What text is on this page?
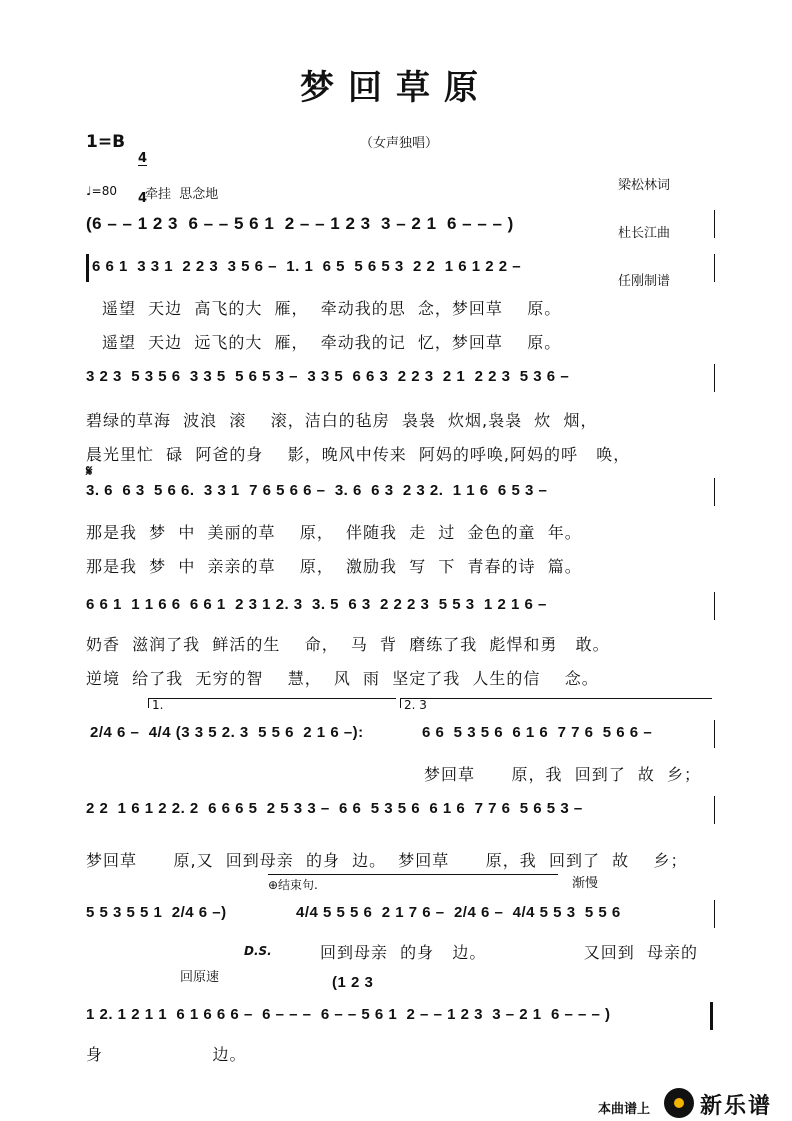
梦回草原
1=B

4

4

（女声独唱）

梁松林词

杜长江曲

任刚制谱

♩=80 牵挂  思念地
(6 – – 1 2 3  6 – – 5 6 1  2 – – 1 2 3  3 – 2 1  6 – – – )
6 6 1  3 3 1  2 2 3  3 5 6 –  1. 1  6 5  5 6 5 3  2 2  1 6 1 2 2 –
遥望  天边  高飞的大  雁，  牵动我的思  念，梦回草    原。
遥望  天边  远飞的大  雁，  牵动我的记  忆，梦回草    原。
3 2 3  5 3 5 6  3 3 5  5 6 5 3 –  3 3 5  6 6 3  2 2 3  2 1  2 2 3  5 3 6 –
碧绿的草海  波浪  滚    滚，洁白的毡房  袅袅  炊烟,袅袅  炊  烟，
晨光里忙  碌  阿爸的身    影，晚风中传来  阿妈的呼唤,阿妈的呼   唤，
𝄋
3. 6  6 3  5 6 6.  3 3 1  7 6 5 6 6 –  3. 6  6 3  2 3 2.  1 1 6  6 5 3 –
那是我  梦  中  美丽的草    原，  伴随我  走  过  金色的童  年。
那是我  梦  中  亲亲的草    原，  激励我  写  下  青春的诗  篇。
6 6 1  1 1 6 6  6 6 1  2 3 1 2. 3  3. 5  6 3  2 2 2 3  5 5 3  1 2 1 6 –
奶香  滋润了我  鲜活的生    命，  马  背  磨练了我  彪悍和勇   敢。
逆境  给了我  无穷的智    慧，  风  雨  坚定了我  人生的信    念。
1.	2. 3
2/4 6 –  4/4 (3 3 5 2. 3  5 5 6  2 1 6 –):	6 6  5 3 5 6  6 1 6  7 7 6  5 6 6 –
梦回草      原，我  回到了  故  乡；
2 2  1 6 1 2 2. 2  6 6 6 5  2 5 3 3 –  6 6  5 3 5 6  6 1 6  7 7 6  5 6 5 3 –
梦回草      原,又  回到母亲  的身  边。  梦回草      原，我  回到了  故    乡；
⊕结束句.	渐慢
5 5 3 5 5 1  2/4 6 –)	4/4 5 5 5 6  2 1 7 6 –  2/4 6 –  4/4 5 5 3  5 5 6
D.S.	回到母亲  的身   边。                又回到  母亲的
回原速	(1 2 3
1 2. 1 2 1 1  6 1 6 6 6 –  6 – – –  6 – – 5 6 1  2 – – 1 2 3  3 – 2 1  6 – – – )
身                  边。
本曲谱上 新乐谱
